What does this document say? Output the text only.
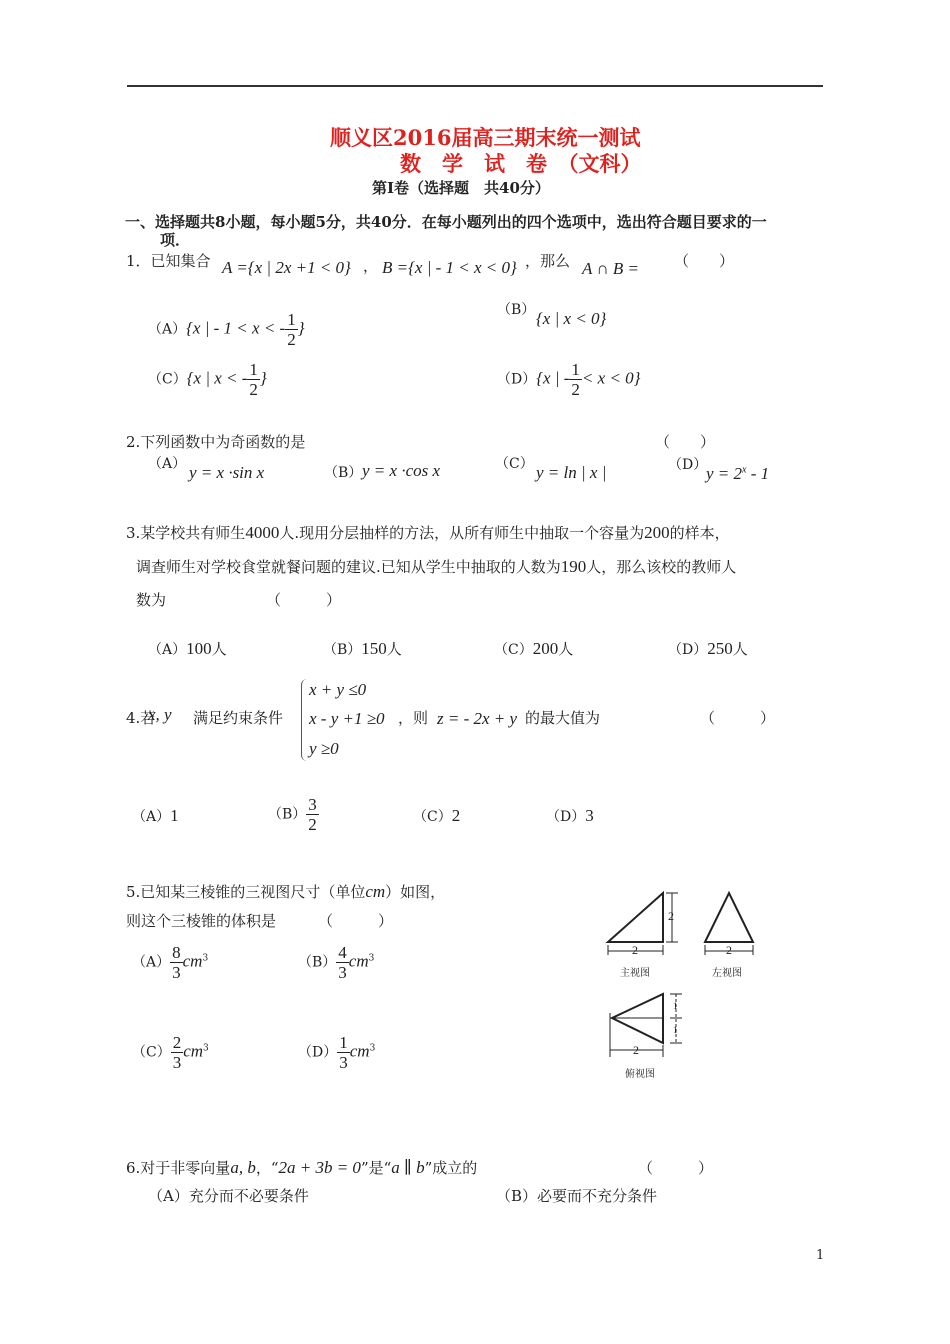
顺义区2016届高三期末统一测试
数　学　试　卷　（文科）
第Ⅰ卷（选择题　共40分）
一、选择题共8小题，每小题5分，共40分．在每小题列出的四个选项中，选出符合题目要求的一
项．
1．已知集合 A ={x | 2x +1 < 0} ， B ={x | - 1 < x < 0} ，那么 A ∩ B = （　　）
（A）{x | - 1 < x < - $\frac{1}{2}$ }
（B） {x | x < 0}
（C）{x | x < - $\frac{1}{2}$ }	（D）{x | - $\frac{1}{2} < x < 0$}
2.下列函数中为奇函数的是	（　　）
（A） y = x ·sin x	（B） y = x ·cos x	（C） y = ln | x |	（D）
$y = 2^x - 1$
3.某学校共有师生4000人.现用分层抽样的方法，从所有师生中抽取一个容量为200的样本，
调查师生对学校食堂就餐问题的建议.已知从学生中抽取的人数为190人，那么该校的教师人
数为	（　　　）
（A）100人	（B）150人	（C）200人	（D）250人
4.若
x, y 满足约束条件
x + y ≤0
x - y +1 ≥0
y ≥0
，则 z = - 2x + y 的最大值为	（　　　）
（A）1	$(B) \frac{3}{2}$	（C）2	（D）3
5.已知某三棱锥的三视图尺寸（单位cm）如图，
则这个三棱锥的体积是	（　　　）
$(A) \frac{8}{3} cm^3$	$(B) \frac{4}{3} cm^3$
$(C) \frac{2}{3} cm^3$	$(D) \frac{1}{3} cm^3$
2
2
2
2
1
1
主视图	左视图
俯视图
6.对于非零向量a, b，“2a + 3b = 0”是“a ∥ b”成立的	（　　　）
（A）充分而不必要条件	（B）必要而不充分条件
1
